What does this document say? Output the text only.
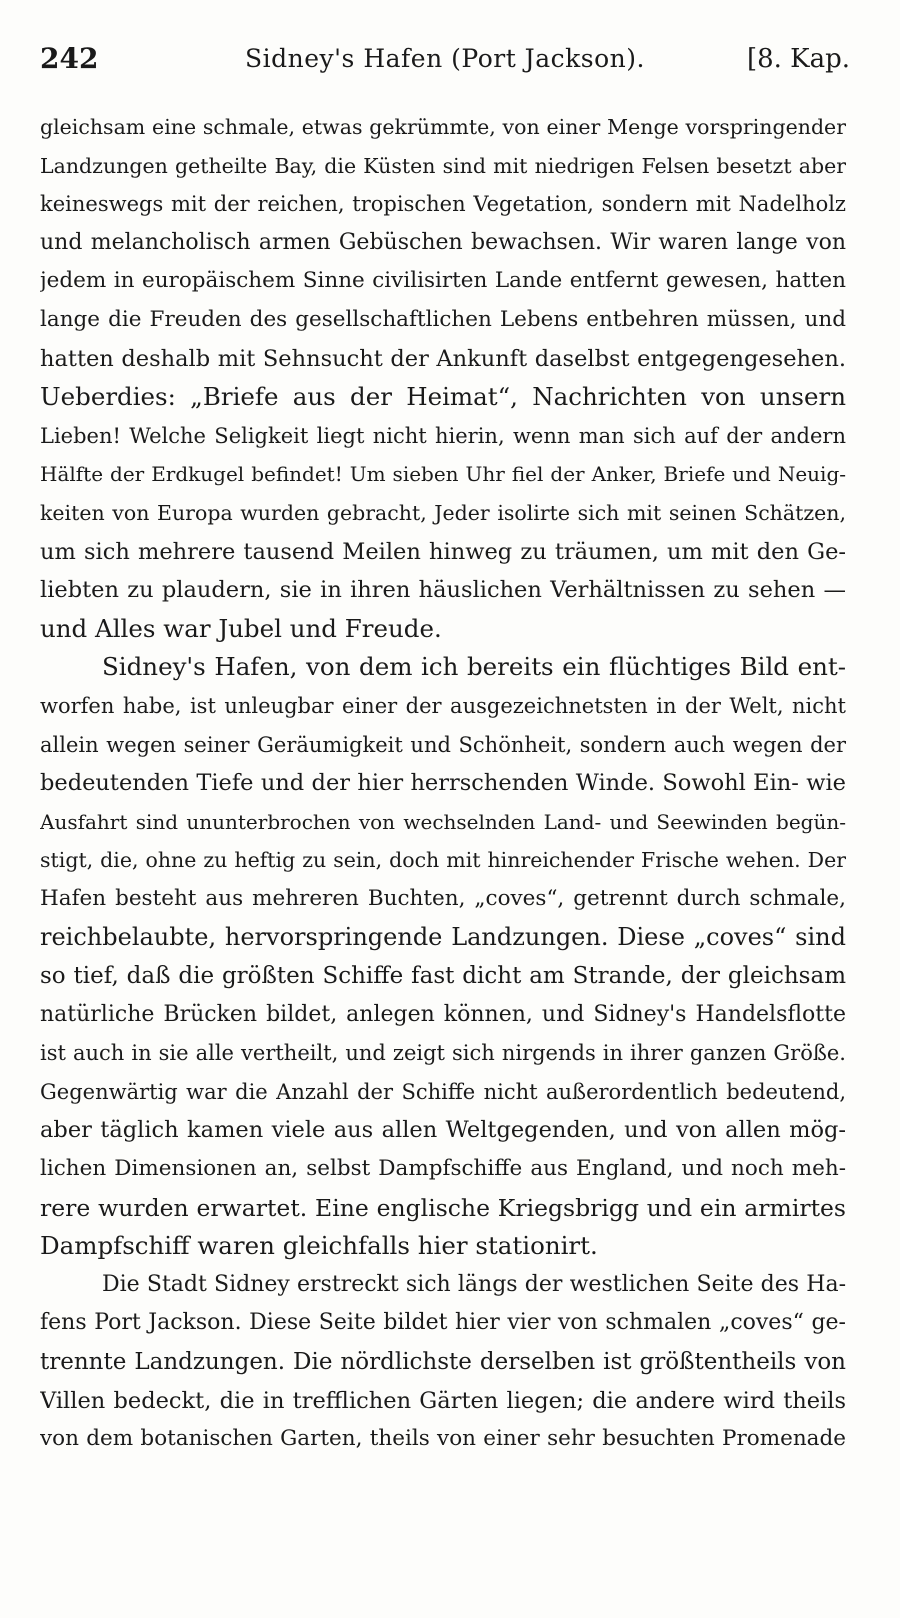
242	Sidney's Hafen (Port Jackson).	[8. Kap.
gleichsam eine schmale, etwas gekrümmte, von einer Menge vorspringender
Landzungen getheilte Bay, die Küsten sind mit niedrigen Felsen besetzt aber
keineswegs mit der reichen, tropischen Vegetation, sondern mit Nadelholz
und melancholisch armen Gebüschen bewachsen. Wir waren lange von
jedem in europäischem Sinne civilisirten Lande entfernt gewesen, hatten
lange die Freuden des gesellschaftlichen Lebens entbehren müssen, und
hatten deshalb mit Sehnsucht der Ankunft daselbst entgegengesehen.
Ueberdies: „Briefe aus der Heimat“, Nachrichten von unsern
Lieben! Welche Seligkeit liegt nicht hierin, wenn man sich auf der andern
Hälfte der Erdkugel befindet! Um sieben Uhr fiel der Anker, Briefe und Neuig-
keiten von Europa wurden gebracht, Jeder isolirte sich mit seinen Schätzen,
um sich mehrere tausend Meilen hinweg zu träumen, um mit den Ge-
liebten zu plaudern, sie in ihren häuslichen Verhältnissen zu sehen —
und Alles war Jubel und Freude.
Sidney's Hafen, von dem ich bereits ein flüchtiges Bild ent-
worfen habe, ist unleugbar einer der ausgezeichnetsten in der Welt, nicht
allein wegen seiner Geräumigkeit und Schönheit, sondern auch wegen der
bedeutenden Tiefe und der hier herrschenden Winde. Sowohl Ein- wie
Ausfahrt sind ununterbrochen von wechselnden Land- und Seewinden begün-
stigt, die, ohne zu heftig zu sein, doch mit hinreichender Frische wehen. Der
Hafen besteht aus mehreren Buchten, „coves“, getrennt durch schmale,
reichbelaubte, hervorspringende Landzungen. Diese „coves“ sind
so tief, daß die größten Schiffe fast dicht am Strande, der gleichsam
natürliche Brücken bildet, anlegen können, und Sidney's Handelsflotte
ist auch in sie alle vertheilt, und zeigt sich nirgends in ihrer ganzen Größe.
Gegenwärtig war die Anzahl der Schiffe nicht außerordentlich bedeutend,
aber täglich kamen viele aus allen Weltgegenden, und von allen mög-
lichen Dimensionen an, selbst Dampfschiffe aus England, und noch meh-
rere wurden erwartet. Eine englische Kriegsbrigg und ein armirtes
Dampfschiff waren gleichfalls hier stationirt.
Die Stadt Sidney erstreckt sich längs der westlichen Seite des Ha-
fens Port Jackson. Diese Seite bildet hier vier von schmalen „coves“ ge-
trennte Landzungen. Die nördlichste derselben ist größtentheils von
Villen bedeckt, die in trefflichen Gärten liegen; die andere wird theils
von dem botanischen Garten, theils von einer sehr besuchten Promenade
